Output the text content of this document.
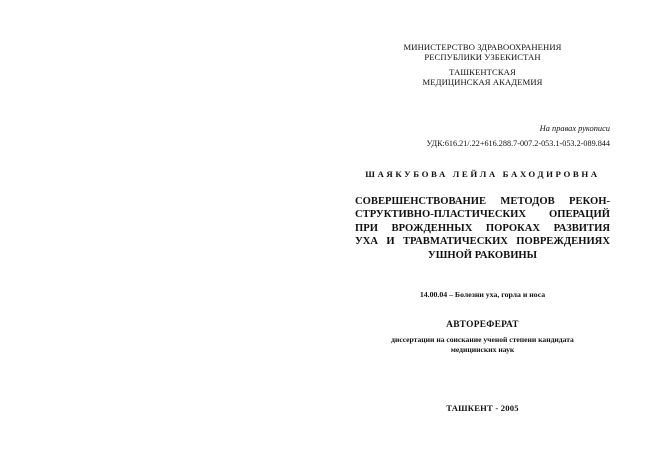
МИНИСТЕРСТВО ЗДРАВООХРАНЕНИЯ
РЕСПУБЛИКИ УЗБЕКИСТАН
ТАШКЕНТСКАЯ
МЕДИЦИНСКАЯ АКАДЕМИЯ
На правах рукописи
УДК:616.21/.22+616.288.7-007.2-053.1-053.2-089.844
ШАЯКУБОВА ЛЕЙЛА БАХОДИРОВНА
СОВЕРШЕНСТВОВАНИЕ МЕТОДОВ РЕКОН-
СТРУКТИВНО-ПЛАСТИЧЕСКИХ ОПЕРАЦИЙ
ПРИ ВРОЖДЕННЫХ ПОРОКАХ РАЗВИТИЯ
УХА И ТРАВМАТИЧЕСКИХ ПОВРЕЖДЕНИЯХ
УШНОЙ РАКОВИНЫ
14.00.04 – Болезни уха, горла и носа
АВТОРЕФЕРАТ
диссертации на соискание ученой степени кандидата
медицинских наук
ТАШКЕНТ - 2005
